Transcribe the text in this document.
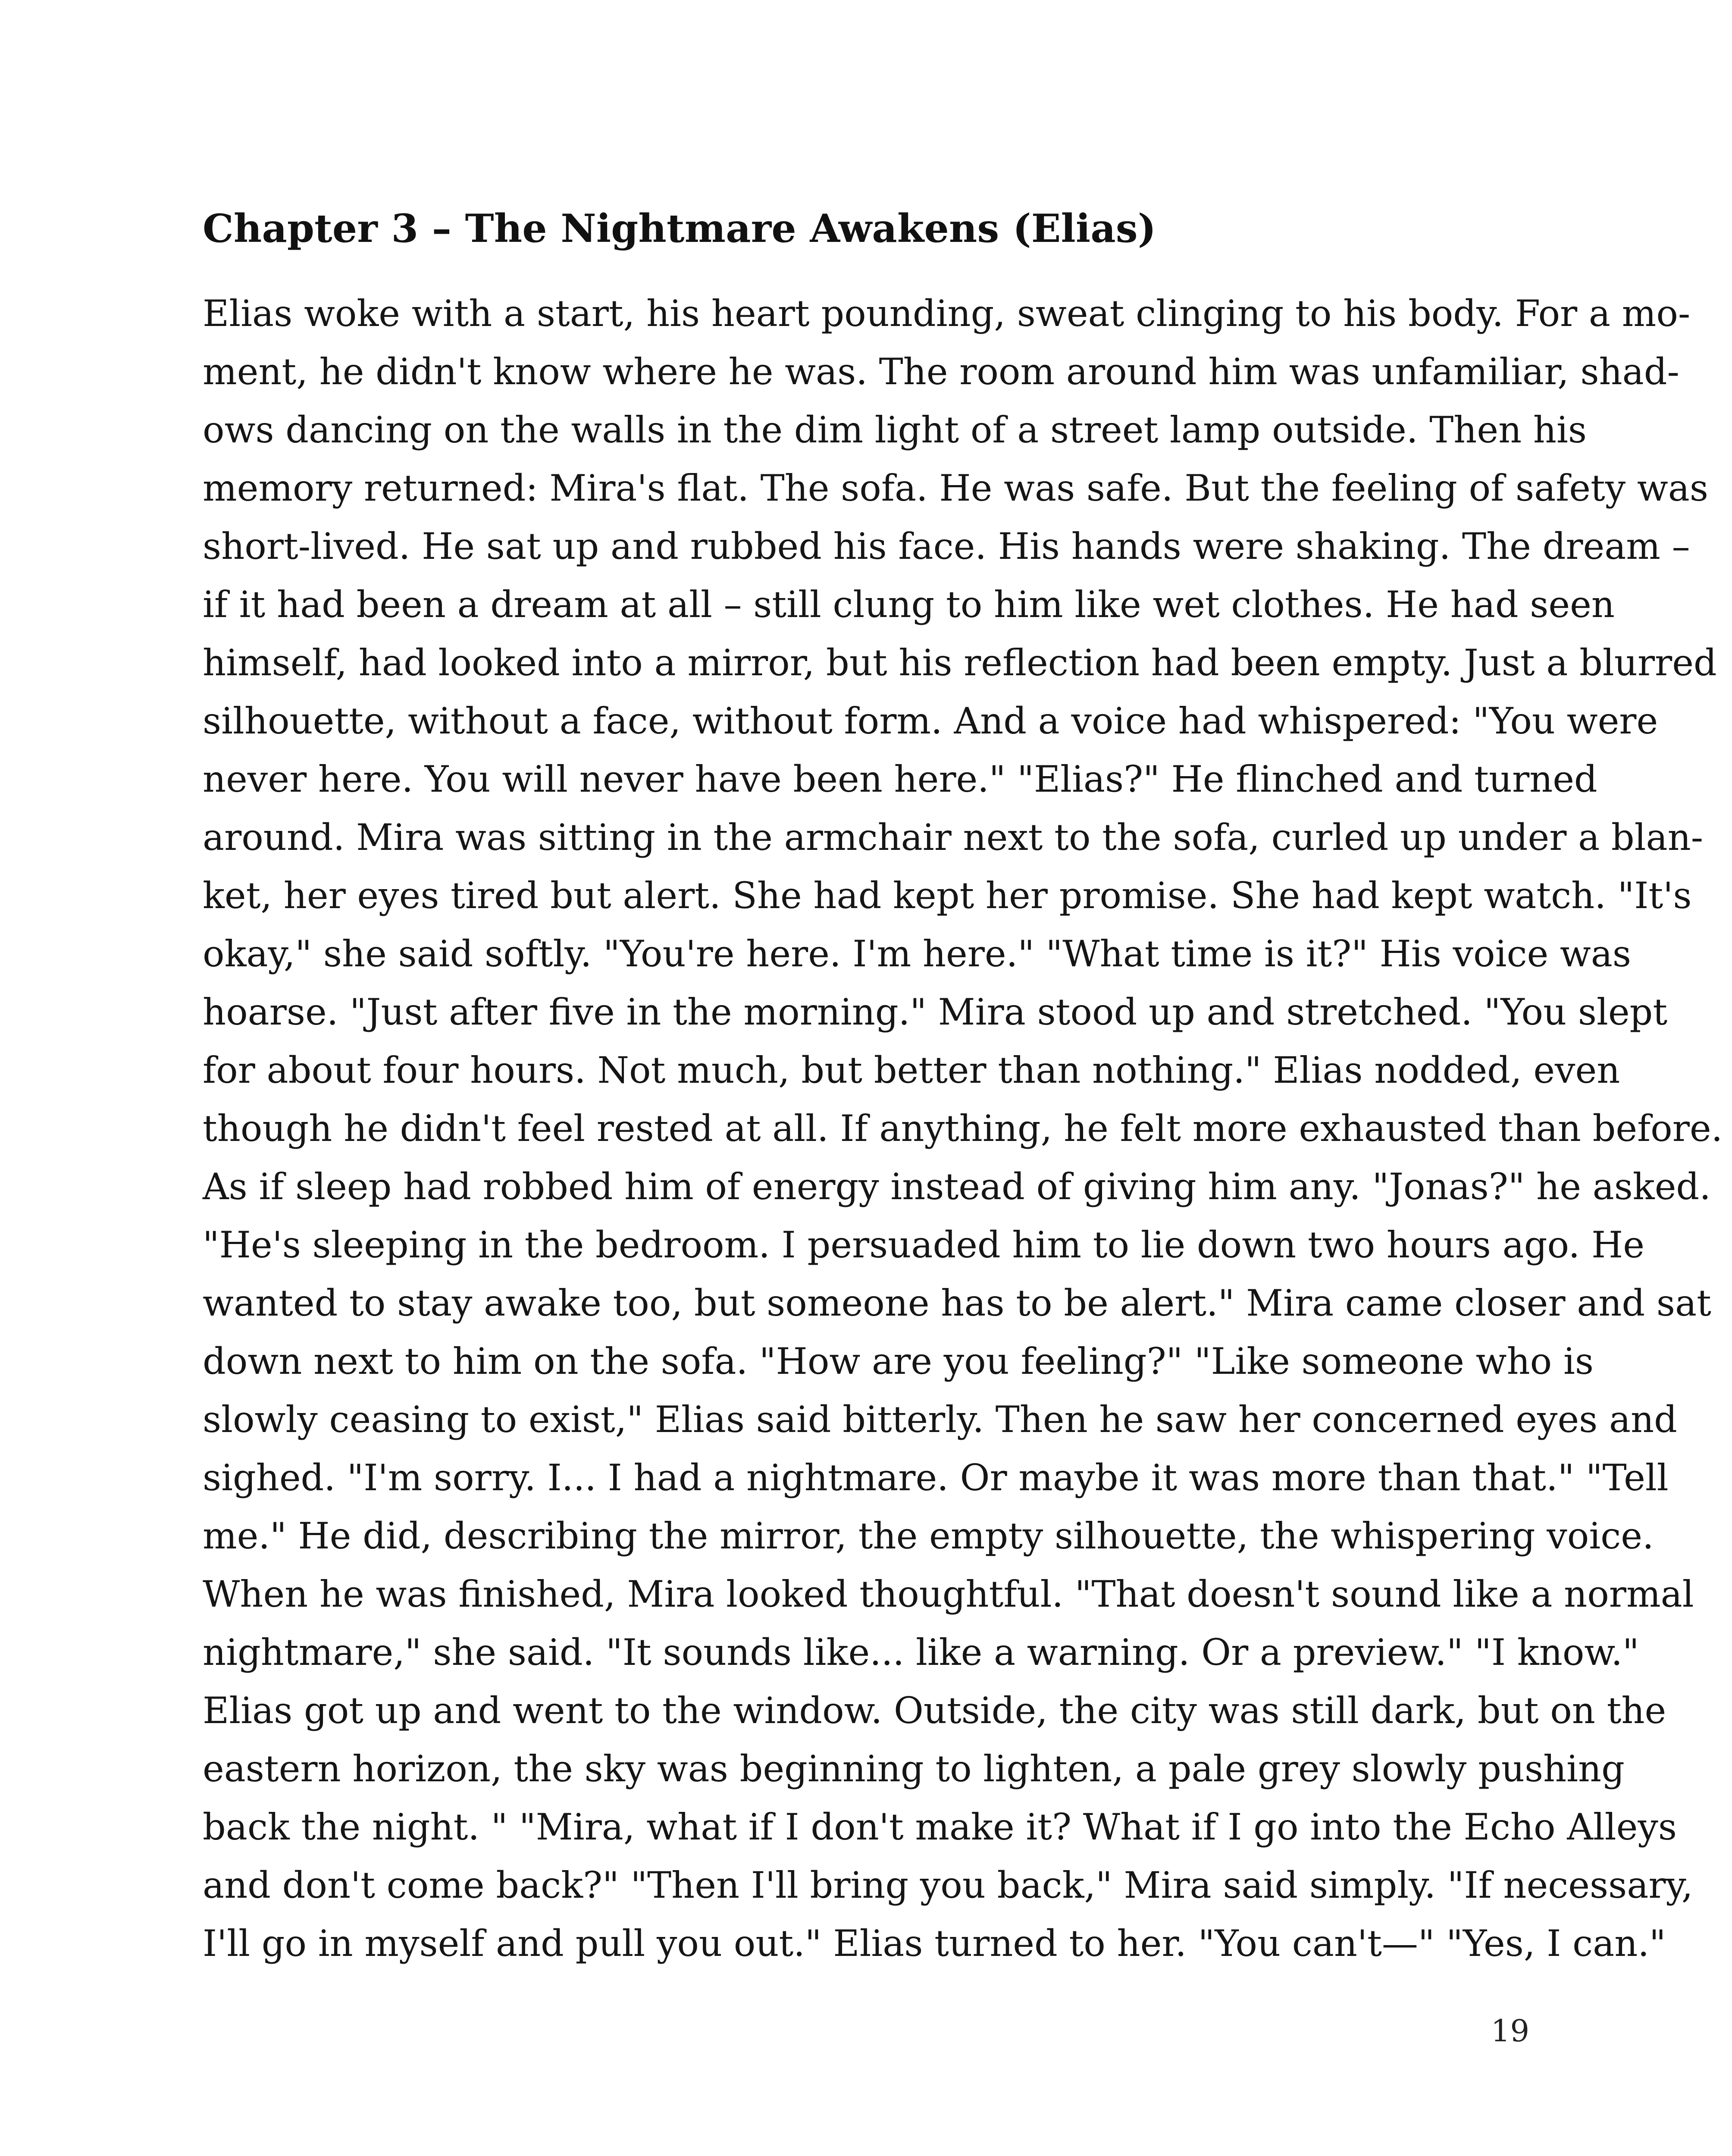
Chapter 3 – The Nightmare Awakens (Elias)
Elias woke with a start, his heart pounding, sweat clinging to his body. For a mo-
ment, he didn't know where he was. The room around him was unfamiliar, shad-
ows dancing on the walls in the dim light of a street lamp outside. Then his
memory returned: Mira's flat. The sofa. He was safe. But the feeling of safety was
short-lived. He sat up and rubbed his face. His hands were shaking. The dream –
if it had been a dream at all – still clung to him like wet clothes. He had seen
himself, had looked into a mirror, but his reflection had been empty. Just a blurred
silhouette, without a face, without form. And a voice had whispered: "You were
never here. You will never have been here." "Elias?" He flinched and turned
around. Mira was sitting in the armchair next to the sofa, curled up under a blan-
ket, her eyes tired but alert. She had kept her promise. She had kept watch. "It's
okay," she said softly. "You're here. I'm here." "What time is it?" His voice was
hoarse. "Just after five in the morning." Mira stood up and stretched. "You slept
for about four hours. Not much, but better than nothing." Elias nodded, even
though he didn't feel rested at all. If anything, he felt more exhausted than before.
As if sleep had robbed him of energy instead of giving him any. "Jonas?" he asked.
"He's sleeping in the bedroom. I persuaded him to lie down two hours ago. He
wanted to stay awake too, but someone has to be alert." Mira came closer and sat
down next to him on the sofa. "How are you feeling?" "Like someone who is
slowly ceasing to exist," Elias said bitterly. Then he saw her concerned eyes and
sighed. "I'm sorry. I... I had a nightmare. Or maybe it was more than that." "Tell
me." He did, describing the mirror, the empty silhouette, the whispering voice.
When he was finished, Mira looked thoughtful. "That doesn't sound like a normal
nightmare," she said. "It sounds like... like a warning. Or a preview." "I know."
Elias got up and went to the window. Outside, the city was still dark, but on the
eastern horizon, the sky was beginning to lighten, a pale grey slowly pushing
back the night. " "Mira, what if I don't make it? What if I go into the Echo Alleys
and don't come back?" "Then I'll bring you back," Mira said simply. "If necessary,
I'll go in myself and pull you out." Elias turned to her. "You can't—" "Yes, I can."
19
